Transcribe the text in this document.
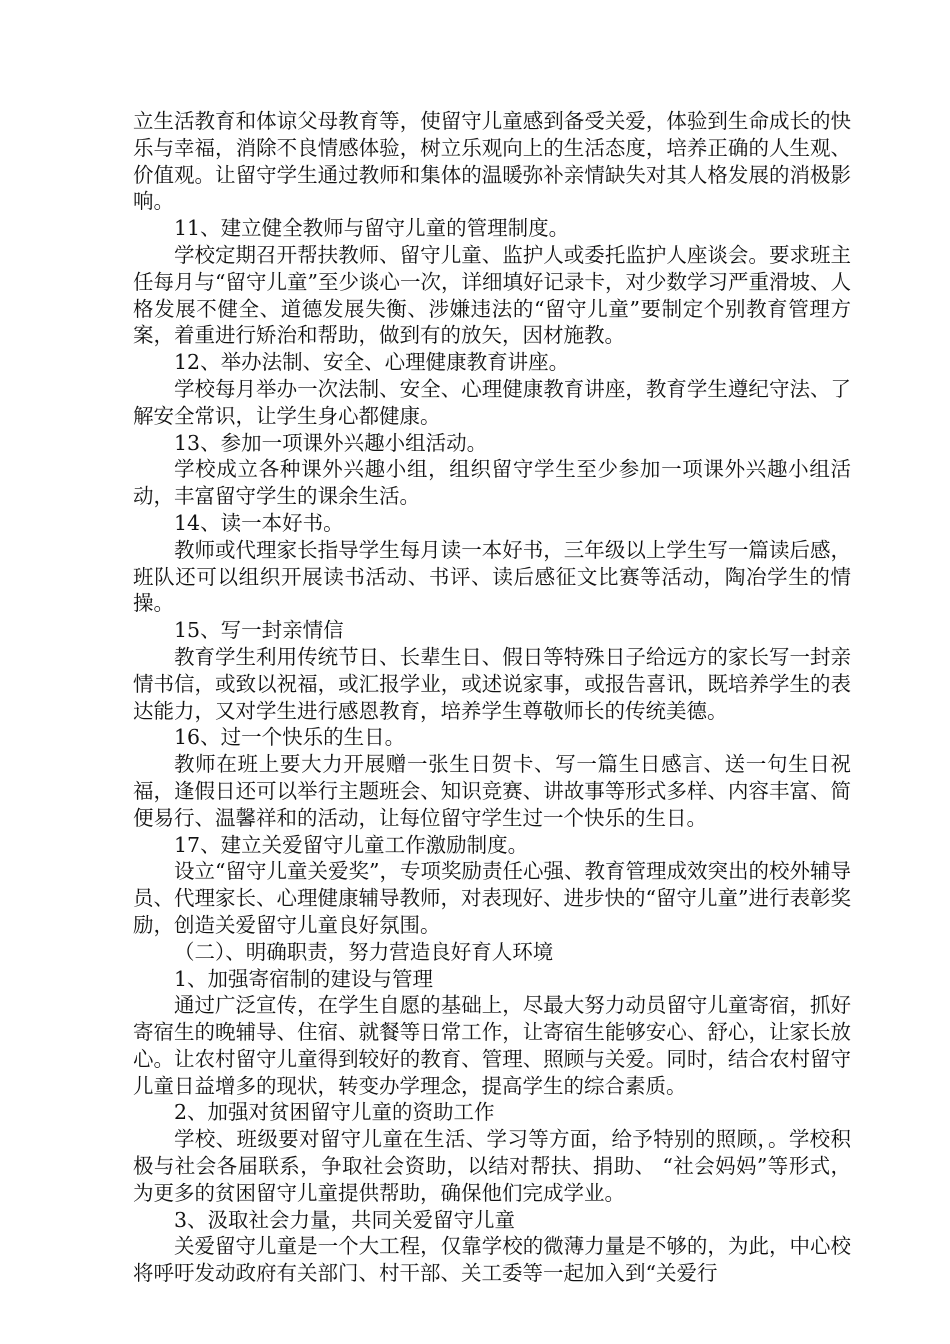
立生活教育和体谅父母教育等，使留守儿童感到备受关爱，体验到生命成长的快乐与幸福，消除不良情感体验，树立乐观向上的生活态度，培养正确的人生观、价值观。让留守学生通过教师和集体的温暖弥补亲情缺失对其人格发展的消极影响。

11、建立健全教师与留守儿童的管理制度。

学校定期召开帮扶教师、留守儿童、监护人或委托监护人座谈会。要求班主任每月与“留守儿童”至少谈心一次，详细填好记录卡，对少数学习严重滑坡、人格发展不健全、道德发展失衡、涉嫌违法的“留守儿童”要制定个别教育管理方案，着重进行矫治和帮助，做到有的放矢，因材施教。

12、举办法制、安全、心理健康教育讲座。

学校每月举办一次法制、安全、心理健康教育讲座，教育学生遵纪守法、了解安全常识，让学生身心都健康。

13、参加一项课外兴趣小组活动。

学校成立各种课外兴趣小组，组织留守学生至少参加一项课外兴趣小组活动，丰富留守学生的课余生活。

14、读一本好书。

教师或代理家长指导学生每月读一本好书，三年级以上学生写一篇读后感，班队还可以组织开展读书活动、书评、读后感征文比赛等活动，陶冶学生的情操。

15、写一封亲情信

教育学生利用传统节日、长辈生日、假日等特殊日子给远方的家长写一封亲情书信，或致以祝福，或汇报学业，或述说家事，或报告喜讯，既培养学生的表达能力，又对学生进行感恩教育，培养学生尊敬师长的传统美德。

16、过一个快乐的生日。

教师在班上要大力开展赠一张生日贺卡、写一篇生日感言、送一句生日祝福，逢假日还可以举行主题班会、知识竞赛、讲故事等形式多样、内容丰富、简便易行、温馨祥和的活动，让每位留守学生过一个快乐的生日。

17、建立关爱留守儿童工作激励制度。

设立“留守儿童关爱奖”，专项奖励责任心强、教育管理成效突出的校外辅导员、代理家长、心理健康辅导教师，对表现好、进步快的“留守儿童”进行表彰奖励，创造关爱留守儿童良好氛围。

（二）、明确职责，努力营造良好育人环境

1、加强寄宿制的建设与管理

通过广泛宣传，在学生自愿的基础上，尽最大努力动员留守儿童寄宿，抓好寄宿生的晚辅导、住宿、就餐等日常工作，让寄宿生能够安心、舒心，让家长放心。让农村留守儿童得到较好的教育、管理、照顾与关爱。同时，结合农村留守儿童日益增多的现状，转变办学理念，提高学生的综合素质。

2、加强对贫困留守儿童的资助工作

学校、班级要对留守儿童在生活、学习等方面，给予特别的照顾，。学校积极与社会各届联系，争取社会资助，以结对帮扶、捐助、 “社会妈妈”等形式，为更多的贫困留守儿童提供帮助，确保他们完成学业。

3、汲取社会力量，共同关爱留守儿童

关爱留守儿童是一个大工程，仅靠学校的微薄力量是不够的，为此，中心校将呼吁发动政府有关部门、村干部、关工委等一起加入到“关爱行
